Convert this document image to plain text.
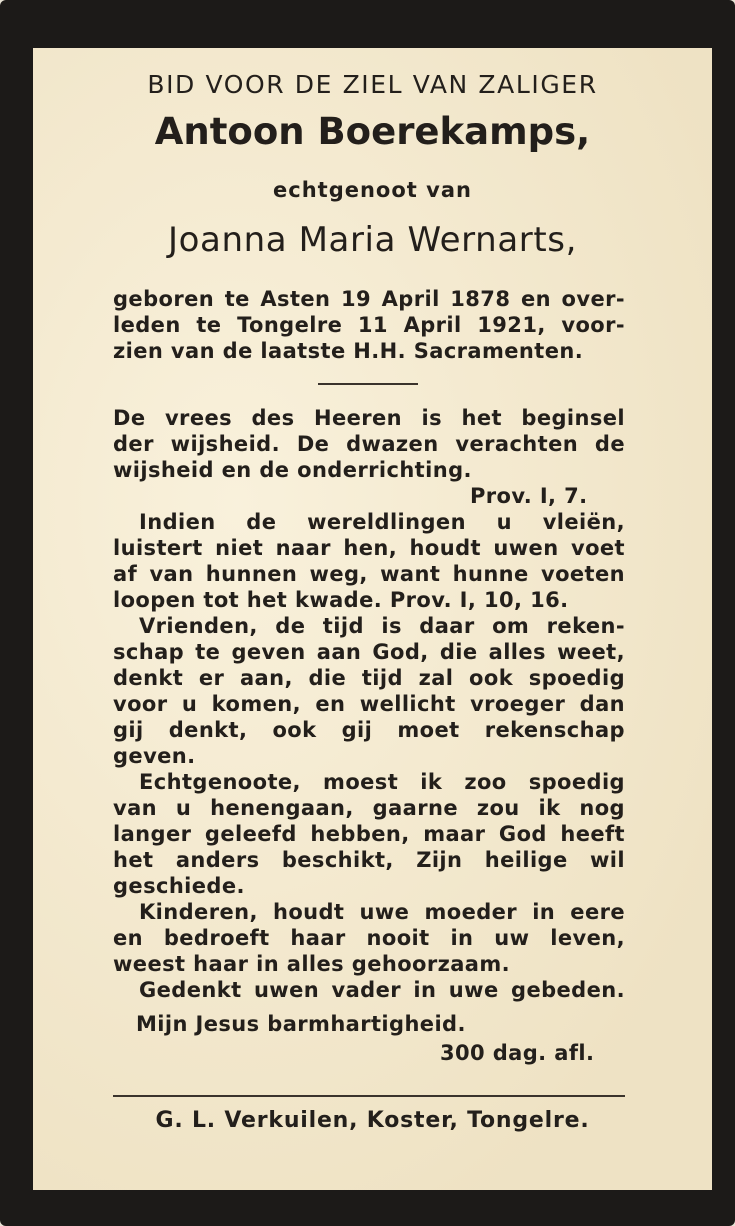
BID VOOR DE ZIEL VAN ZALIGER
Antoon Boerekamps,
echtgenoot van
Joanna Maria Wernarts,
geboren te Asten 19 April 1878 en over-
leden te Tongelre 11 April 1921, voor-
zien van de laatste H.H. Sacramenten.
De vrees des Heeren is het beginsel
der wijsheid. De dwazen verachten de
wijsheid en de onderrichting.
Prov. I, 7.
Indien de wereldlingen u vleiën,
luistert niet naar hen, houdt uwen voet
af van hunnen weg, want hunne voeten
loopen tot het kwade. Prov. I, 10, 16.
Vrienden, de tijd is daar om reken-
schap te geven aan God, die alles weet,
denkt er aan, die tijd zal ook spoedig
voor u komen, en wellicht vroeger dan
gij denkt, ook gij moet rekenschap
geven.
Echtgenoote, moest ik zoo spoedig
van u henengaan, gaarne zou ik nog
langer geleefd hebben, maar God heeft
het anders beschikt, Zijn heilige wil
geschiede.
Kinderen, houdt uwe moeder in eere
en bedroeft haar nooit in uw leven,
weest haar in alles gehoorzaam.
Gedenkt uwen vader in uwe gebeden.
Mijn Jesus barmhartigheid.
300 dag. afl.
G. L. Verkuilen, Koster, Tongelre.
